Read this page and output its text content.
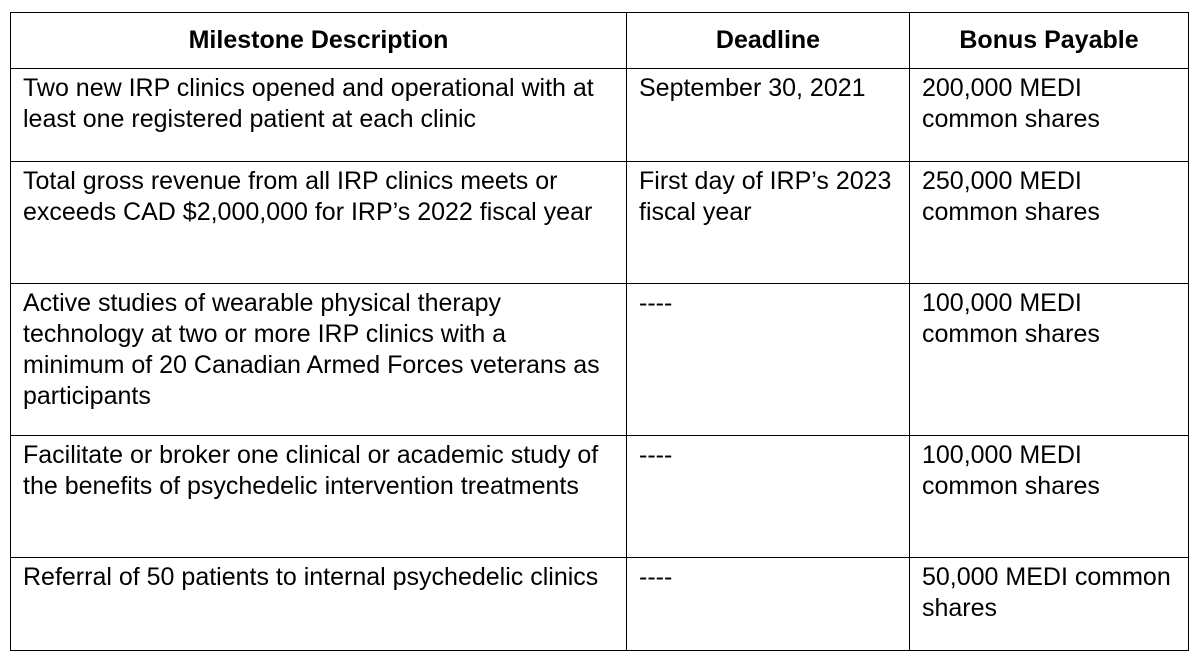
Milestone Description	Deadline	Bonus Payable
Two new IRP clinics opened and operational with at least one registered patient at each clinic	September 30, 2021	200,000 MEDI common shares
Total gross revenue from all IRP clinics meets or exceeds CAD $2,000,000 for IRP’s 2022 fiscal year	First day of IRP’s 2023 fiscal year	250,000 MEDI common shares
Active studies of wearable physical therapy technology at two or more IRP clinics with a minimum of 20 Canadian Armed Forces veterans as participants	----	100,000 MEDI common shares
Facilitate or broker one clinical or academic study of the benefits of psychedelic intervention treatments	----	100,000 MEDI common shares
Referral of 50 patients to internal psychedelic clinics	----	50,000 MEDI common shares
